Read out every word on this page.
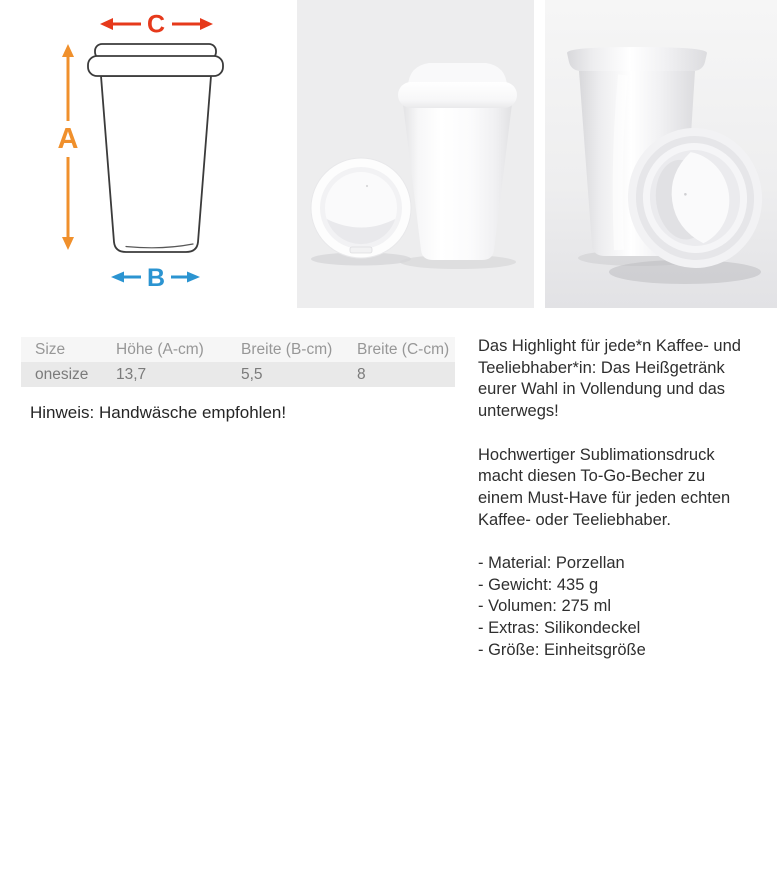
C
A
B
Size	Höhe (A-cm)	Breite (B-cm)	Breite (C-cm)
onesize	13,7	5,5	8
Hinweis: Handwäsche empfohlen!
Das Highlight für jede*n Kaffee- und
Teeliebhaber*in: Das Heißgetränk
eurer Wahl in Vollendung und das
unterwegs!
Hochwertiger Sublimationsdruck
macht diesen To-Go-Becher zu
einem Must-Have für jeden echten
Kaffee- oder Teeliebhaber.
- Material: Porzellan
- Gewicht: 435 g
- Volumen: 275 ml
- Extras: Silikondeckel
- Größe: Einheitsgröße
